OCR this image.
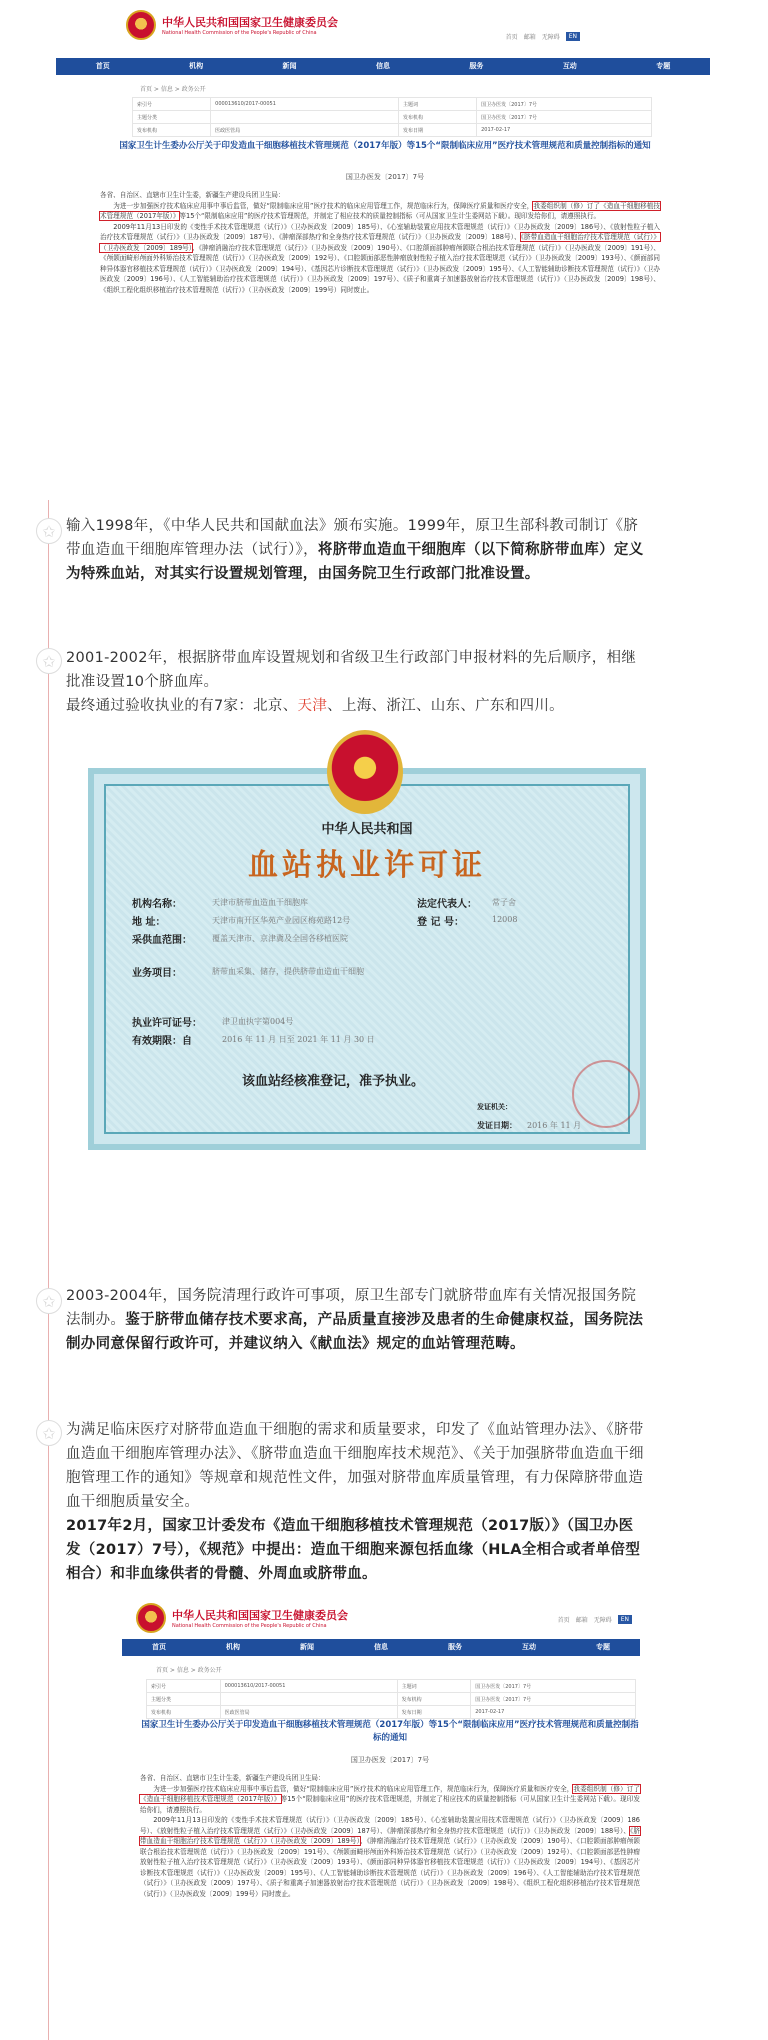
中华人民共和国国家卫生健康委员会
National Health Commission of the People's Republic of China
首页 邮箱 无障碍	EN
首页	机构	新闻	信息	服务	互动	专题
首页 > 信息 > 政务公开
索引号	000013610/2017-00051	主题词	国卫办医发〔2017〕7号
主题分类		发布机构	国卫办医发〔2017〕7号
发布机构	医政医管局	发布日期	2017-02-17
国家卫生计生委办公厅关于印发造血干细胞移植技术管理规范（2017年版）等15个“限制临床应用”医疗技术管理规范和质量控制指标的通知
国卫办医发〔2017〕7号
各省、自治区、直辖市卫生计生委，新疆生产建设兵团卫生局：
为进一步加强医疗技术临床应用事中事后监管，做好“限制临床应用”医疗技术的临床应用管理工作，规范临床行为，保障医疗质量和医疗安全，我委组织制（修）订了《造血干细胞移植技术管理规范（2017年版）》等15个“限制临床应用”的医疗技术管理规范，并制定了相应技术的质量控制指标（可从国家卫生计生委网站下载）。现印发给你们，请遵照执行。
2009年11月13日印发的《变性手术技术管理规范（试行）》（卫办医政发〔2009〕185号）、《心室辅助装置应用技术管理规范（试行）》（卫办医政发〔2009〕186号）、《放射性粒子植入治疗技术管理规范（试行）》（卫办医政发〔2009〕187号）、《肿瘤深部热疗和全身热疗技术管理规范（试行）》（卫办医政发〔2009〕188号）、《脐带血造血干细胞治疗技术管理规范（试行）》（卫办医政发〔2009〕189号）、《肿瘤消融治疗技术管理规范（试行）》（卫办医政发〔2009〕190号）、《口腔颌面部肿瘤颅颌联合根治技术管理规范（试行）》（卫办医政发〔2009〕191号）、《颅颌面畸形颅面外科矫治技术管理规范（试行）》（卫办医政发〔2009〕192号）、《口腔颌面部恶性肿瘤放射性粒子植入治疗技术管理规范（试行）》（卫办医政发〔2009〕193号）、《颜面部同种异体器官移植技术管理规范（试行）》（卫办医政发〔2009〕194号）、《基因芯片诊断技术管理规范（试行）》（卫办医政发〔2009〕195号）、《人工智能辅助诊断技术管理规范（试行）》（卫办医政发〔2009〕196号）、《人工智能辅助治疗技术管理规范（试行）》（卫办医政发〔2009〕197号）、《质子和重离子加速器放射治疗技术管理规范（试行）》（卫办医政发〔2009〕198号）、《组织工程化组织移植治疗技术管理规范（试行）》（卫办医政发〔2009〕199号）同时废止。
✩
✩
✩
✩
输入1998年，《中华人民共和国献血法》颁布实施。1999年，原卫生部科教司制订《脐带血造血干细胞库管理办法（试行）》，将脐带血造血干细胞库（以下简称脐带血库）定义为特殊血站，对其实行设置规划管理，由国务院卫生行政部门批准设置。
2001-2002年，根据脐带血库设置规划和省级卫生行政部门申报材料的先后顺序，相继批准设置10个脐血库。
最终通过验收执业的有7家：北京、天津、上海、浙江、山东、广东和四川。
中华人民共和国
血站执业许可证
机构名称：	天津市脐带血造血干细胞库
地 址：	天津市南开区华苑产业园区梅苑路12号
采供血范围：	覆盖天津市、京津冀及全国各移植医院
法定代表人： 常子舍
登 记 号：	12008
业务项目：	脐带血采集、储存，提供脐带血造血干细胞
执业许可证号：	津卫血执字第004号
有效期限：自	2016 年 11 月 日至 2021 年 11 月 30 日
该血站经核准登记，准予执业。
发证机关：
发证日期： 2016 年 11 月
2003-2004年，国务院清理行政许可事项，原卫生部专门就脐带血库有关情况报国务院法制办。鉴于脐带血储存技术要求高，产品质量直接涉及患者的生命健康权益，国务院法制办同意保留行政许可，并建议纳入《献血法》规定的血站管理范畴。
为满足临床医疗对脐带血造血干细胞的需求和质量要求，印发了《血站管理办法》、《脐带血造血干细胞库管理办法》、《脐带血造血干细胞库技术规范》、《关于加强脐带血造血干细胞管理工作的通知》等规章和规范性文件，加强对脐带血库质量管理，有力保障脐带血造血干细胞质量安全。
2017年2月，国家卫计委发布《造血干细胞移植技术管理规范（2017版）》（国卫办医发（2017）7号），《规范》中提出：造血干细胞来源包括血缘（HLA全相合或者单倍型相合）和非血缘供者的骨髓、外周血或脐带血。
中华人民共和国国家卫生健康委员会
National Health Commission of the People's Republic of China
首页 邮箱 无障碍	EN
首页	机构	新闻	信息	服务	互动	专题
首页 > 信息 > 政务公开
索引号	000013610/2017-00051	主题词	国卫办医发〔2017〕7号
主题分类		发布机构	国卫办医发〔2017〕7号
发布机构	医政医管局	发布日期	2017-02-17
国家卫生计生委办公厅关于印发造血干细胞移植技术管理规范（2017年版）等15个“限制临床应用”医疗技术管理规范和质量控制指标的通知
国卫办医发〔2017〕7号
各省、自治区、直辖市卫生计生委，新疆生产建设兵团卫生局：
为进一步加强医疗技术临床应用事中事后监管，做好“限制临床应用”医疗技术的临床应用管理工作，规范临床行为，保障医疗质量和医疗安全，我委组织制（修）订了《造血干细胞移植技术管理规范（2017年版）》等15个“限制临床应用”的医疗技术管理规范，并制定了相应技术的质量控制指标（可从国家卫生计生委网站下载）。现印发给你们，请遵照执行。
2009年11月13日印发的《变性手术技术管理规范（试行）》（卫办医政发〔2009〕185号）、《心室辅助装置应用技术管理规范（试行）》（卫办医政发〔2009〕186号）、《放射性粒子植入治疗技术管理规范（试行）》（卫办医政发〔2009〕187号）、《肿瘤深部热疗和全身热疗技术管理规范（试行）》（卫办医政发〔2009〕188号）、《脐带血造血干细胞治疗技术管理规范（试行）》（卫办医政发〔2009〕189号）、《肿瘤消融治疗技术管理规范（试行）》（卫办医政发〔2009〕190号）、《口腔颌面部肿瘤颅颌联合根治技术管理规范（试行）》（卫办医政发〔2009〕191号）、《颅颌面畸形颅面外科矫治技术管理规范（试行）》（卫办医政发〔2009〕192号）、《口腔颌面部恶性肿瘤放射性粒子植入治疗技术管理规范（试行）》（卫办医政发〔2009〕193号）、《颜面部同种异体器官移植技术管理规范（试行）》（卫办医政发〔2009〕194号）、《基因芯片诊断技术管理规范（试行）》（卫办医政发〔2009〕195号）、《人工智能辅助诊断技术管理规范（试行）》（卫办医政发〔2009〕196号）、《人工智能辅助治疗技术管理规范（试行）》（卫办医政发〔2009〕197号）、《质子和重离子加速器放射治疗技术管理规范（试行）》（卫办医政发〔2009〕198号）、《组织工程化组织移植治疗技术管理规范（试行）》（卫办医政发〔2009〕199号）同时废止。
